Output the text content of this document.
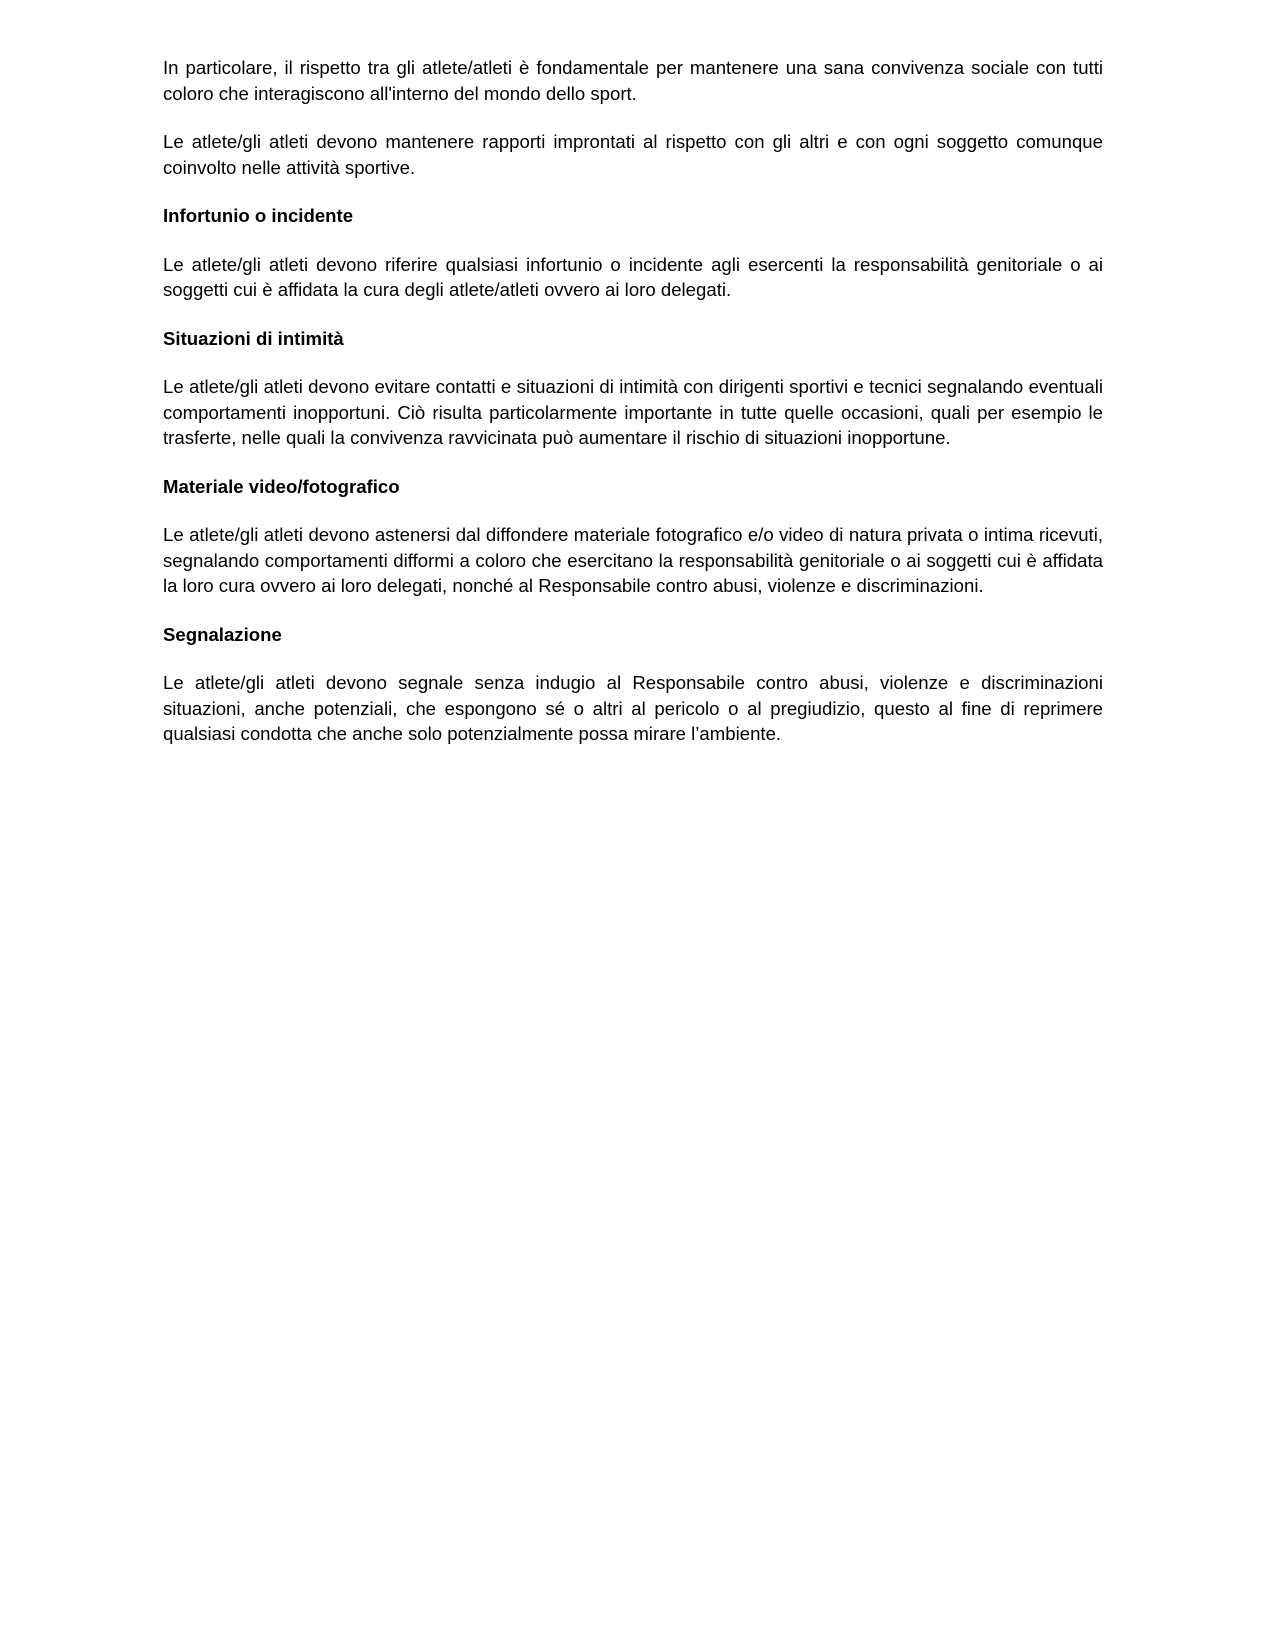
In particolare, il rispetto tra gli atlete/atleti è fondamentale per mantenere una sana convivenza sociale con tutti coloro che interagiscono all'interno del mondo dello sport.

Le atlete/gli atleti devono mantenere rapporti improntati al rispetto con gli altri e con ogni soggetto comunque coinvolto nelle attività sportive.

Infortunio o incidente

Le atlete/gli atleti devono riferire qualsiasi infortunio o incidente agli esercenti la responsabilità genitoriale o ai soggetti cui è affidata la cura degli atlete/atleti ovvero ai loro delegati.

Situazioni di intimità

Le atlete/gli atleti devono evitare contatti e situazioni di intimità con dirigenti sportivi e tecnici segnalando eventuali comportamenti inopportuni. Ciò risulta particolarmente importante in tutte quelle occasioni, quali per esempio le trasferte, nelle quali la convivenza ravvicinata può aumentare il rischio di situazioni inopportune.

Materiale video/fotografico

Le atlete/gli atleti devono astenersi dal diffondere materiale fotografico e/o video di natura privata o intima ricevuti, segnalando comportamenti difformi a coloro che esercitano la responsabilità genitoriale o ai soggetti cui è affidata la loro cura ovvero ai loro delegati, nonché al Responsabile contro abusi, violenze e discriminazioni.

Segnalazione

Le atlete/gli atleti devono segnale senza indugio al Responsabile contro abusi, violenze e discriminazioni situazioni, anche potenziali, che espongono sé o altri al pericolo o al pregiudizio, questo al fine di reprimere qualsiasi condotta che anche solo potenzialmente possa mirare l’ambiente.
